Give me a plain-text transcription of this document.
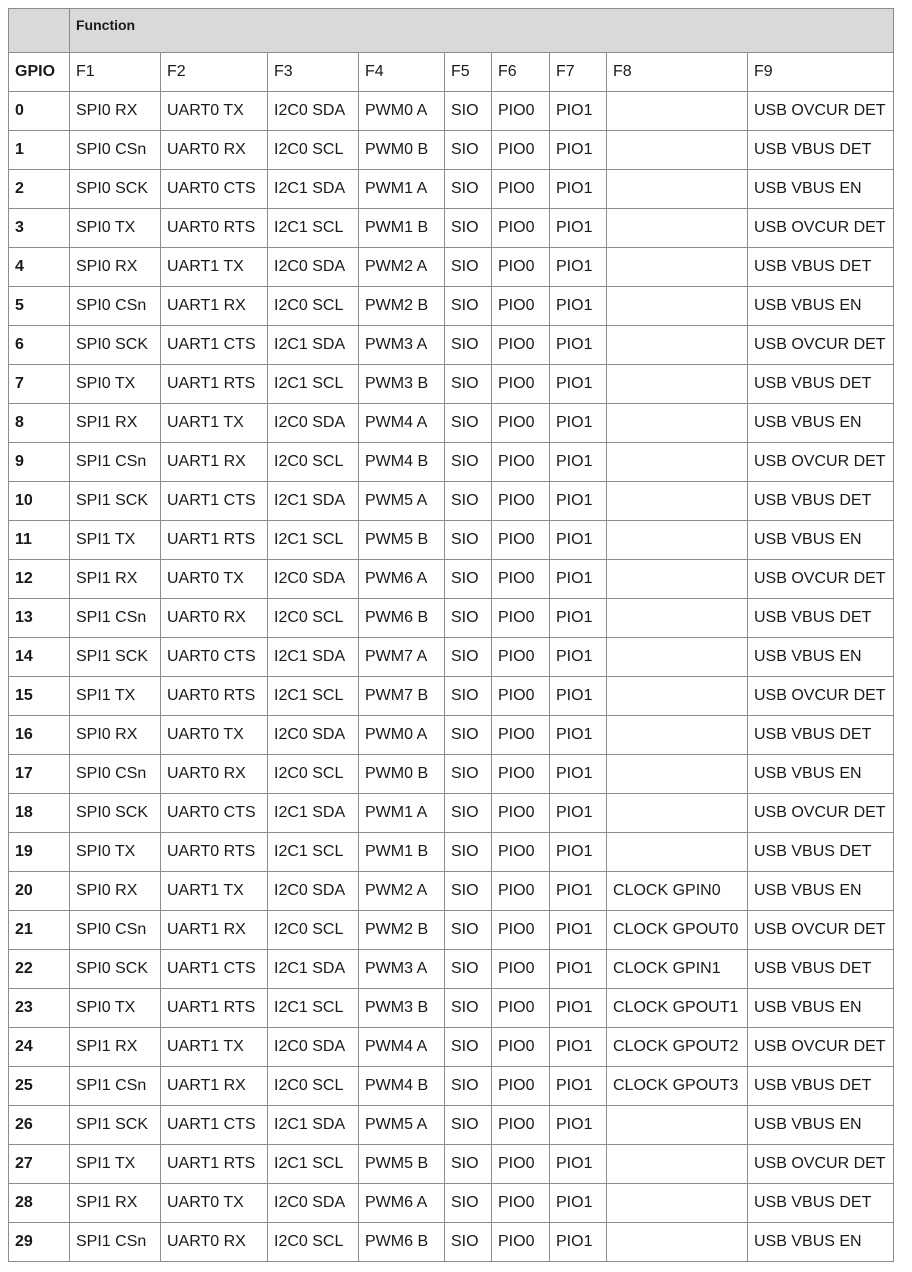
	Function								
GPIO	F1	F2	F3	F4	F5	F6	F7	F8	F9
0	SPI0 RX	UART0 TX	I2C0 SDA	PWM0 A	SIO	PIO0	PIO1		USB OVCUR DET
1	SPI0 CSn	UART0 RX	I2C0 SCL	PWM0 B	SIO	PIO0	PIO1		USB VBUS DET
2	SPI0 SCK	UART0 CTS	I2C1 SDA	PWM1 A	SIO	PIO0	PIO1		USB VBUS EN
3	SPI0 TX	UART0 RTS	I2C1 SCL	PWM1 B	SIO	PIO0	PIO1		USB OVCUR DET
4	SPI0 RX	UART1 TX	I2C0 SDA	PWM2 A	SIO	PIO0	PIO1		USB VBUS DET
5	SPI0 CSn	UART1 RX	I2C0 SCL	PWM2 B	SIO	PIO0	PIO1		USB VBUS EN
6	SPI0 SCK	UART1 CTS	I2C1 SDA	PWM3 A	SIO	PIO0	PIO1		USB OVCUR DET
7	SPI0 TX	UART1 RTS	I2C1 SCL	PWM3 B	SIO	PIO0	PIO1		USB VBUS DET
8	SPI1 RX	UART1 TX	I2C0 SDA	PWM4 A	SIO	PIO0	PIO1		USB VBUS EN
9	SPI1 CSn	UART1 RX	I2C0 SCL	PWM4 B	SIO	PIO0	PIO1		USB OVCUR DET
10	SPI1 SCK	UART1 CTS	I2C1 SDA	PWM5 A	SIO	PIO0	PIO1		USB VBUS DET
11	SPI1 TX	UART1 RTS	I2C1 SCL	PWM5 B	SIO	PIO0	PIO1		USB VBUS EN
12	SPI1 RX	UART0 TX	I2C0 SDA	PWM6 A	SIO	PIO0	PIO1		USB OVCUR DET
13	SPI1 CSn	UART0 RX	I2C0 SCL	PWM6 B	SIO	PIO0	PIO1		USB VBUS DET
14	SPI1 SCK	UART0 CTS	I2C1 SDA	PWM7 A	SIO	PIO0	PIO1		USB VBUS EN
15	SPI1 TX	UART0 RTS	I2C1 SCL	PWM7 B	SIO	PIO0	PIO1		USB OVCUR DET
16	SPI0 RX	UART0 TX	I2C0 SDA	PWM0 A	SIO	PIO0	PIO1		USB VBUS DET
17	SPI0 CSn	UART0 RX	I2C0 SCL	PWM0 B	SIO	PIO0	PIO1		USB VBUS EN
18	SPI0 SCK	UART0 CTS	I2C1 SDA	PWM1 A	SIO	PIO0	PIO1		USB OVCUR DET
19	SPI0 TX	UART0 RTS	I2C1 SCL	PWM1 B	SIO	PIO0	PIO1		USB VBUS DET
20	SPI0 RX	UART1 TX	I2C0 SDA	PWM2 A	SIO	PIO0	PIO1	CLOCK GPIN0	USB VBUS EN
21	SPI0 CSn	UART1 RX	I2C0 SCL	PWM2 B	SIO	PIO0	PIO1	CLOCK GPOUT0	USB OVCUR DET
22	SPI0 SCK	UART1 CTS	I2C1 SDA	PWM3 A	SIO	PIO0	PIO1	CLOCK GPIN1	USB VBUS DET
23	SPI0 TX	UART1 RTS	I2C1 SCL	PWM3 B	SIO	PIO0	PIO1	CLOCK GPOUT1	USB VBUS EN
24	SPI1 RX	UART1 TX	I2C0 SDA	PWM4 A	SIO	PIO0	PIO1	CLOCK GPOUT2	USB OVCUR DET
25	SPI1 CSn	UART1 RX	I2C0 SCL	PWM4 B	SIO	PIO0	PIO1	CLOCK GPOUT3	USB VBUS DET
26	SPI1 SCK	UART1 CTS	I2C1 SDA	PWM5 A	SIO	PIO0	PIO1		USB VBUS EN
27	SPI1 TX	UART1 RTS	I2C1 SCL	PWM5 B	SIO	PIO0	PIO1		USB OVCUR DET
28	SPI1 RX	UART0 TX	I2C0 SDA	PWM6 A	SIO	PIO0	PIO1		USB VBUS DET
29	SPI1 CSn	UART0 RX	I2C0 SCL	PWM6 B	SIO	PIO0	PIO1		USB VBUS EN
